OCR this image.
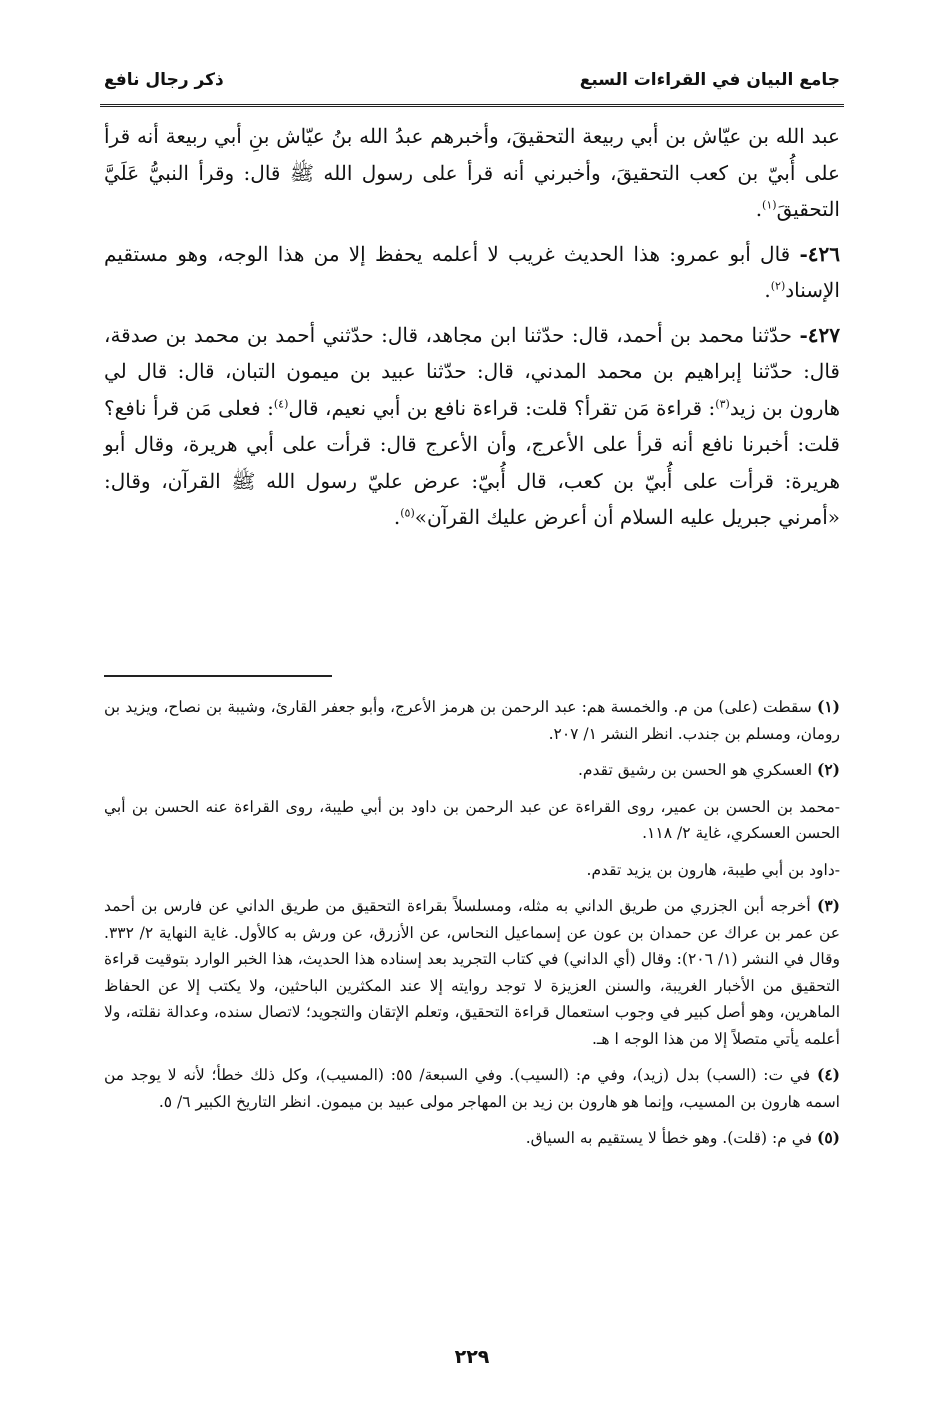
جامع البيان في القراءات السبع
ذكر رجال نافع

عبد الله بن عيّاش بن أبي ربيعة التحقيقَ، وأخبرهم عبدُ الله بنُ عيّاش بنِ أبي ربيعة أنه قرأ على أُبيّ بن كعب التحقيقَ، وأخبرني أنه قرأ على رسول الله ﷺ قال: وقرأ النبيُّ عَلَيَّ التحقيقَ$^{(١)}$.

٤٢٦- قال أبو عمرو: هذا الحديث غريب لا أعلمه يحفظ إلا من هذا الوجه، وهو مستقيم الإسناد$^{(٢)}$.

٤٢٧- حدّثنا محمد بن أحمد، قال: حدّثنا ابن مجاهد، قال: حدّثني أحمد بن محمد بن صدقة، قال: حدّثنا إبراهيم بن محمد المدني، قال: حدّثنا عبيد بن ميمون التبان، قال: قال لي هارون بن زيد$^{(٣)}$: قراءة مَن تقرأ؟ قلت: قراءة نافع بن أبي نعيم، قال$^{(٤)}$: فعلى مَن قرأ نافع؟ قلت: أخبرنا نافع أنه قرأ على الأعرج، وأن الأعرج قال: قرأت على أبي هريرة، وقال أبو هريرة: قرأت على أُبيّ بن كعب، قال أُبيّ: عرض عليّ رسول الله ﷺ القرآن، وقال: «أمرني جبريل عليه السلام أن أعرض عليك القرآن»$^{(٥)}$.

(١) سقطت (على) من م. والخمسة هم: عبد الرحمن بن هرمز الأعرج، وأبو جعفر القارئ، وشيبة بن نصاح، ويزيد بن رومان، ومسلم بن جندب. انظر النشر ١/ ٢٠٧.

(٢) العسكري هو الحسن بن رشيق تقدم.

-محمد بن الحسن بن عمير، روى القراءة عن عبد الرحمن بن داود بن أبي طيبة، روى القراءة عنه الحسن بن أبي الحسن العسكري، غاية ٢/ ١١٨.

-داود بن أبي طيبة، هارون بن يزيد تقدم.

(٣) أخرجه أبن الجزري من طريق الداني به مثله، ومسلسلاً بقراءة التحقيق من طريق الداني عن فارس بن أحمد عن عمر بن عراك عن حمدان بن عون عن إسماعيل النحاس، عن الأزرق، عن ورش به كالأول. غاية النهاية ٢/ ٣٣٢. وقال في النشر (١/ ٢٠٦): وقال (أي الداني) في كتاب التجريد بعد إسناده هذا الحديث، هذا الخبر الوارد بتوقيت قراءة التحقيق من الأخبار الغريبة، والسنن العزيزة لا توجد روايته إلا عند المكثرين الباحثين، ولا يكتب إلا عن الحفاظ الماهرين، وهو أصل كبير في وجوب استعمال قراءة التحقيق، وتعلم الإتقان والتجويد؛ لاتصال سنده، وعدالة نقلته، ولا أعلمه يأتي متصلاً إلا من هذا الوجه ا هـ.

(٤) في ت: (السب) بدل (زيد)، وفي م: (السيب). وفي السبعة/ ٥٥: (المسيب)، وكل ذلك خطأ؛ لأنه لا يوجد من اسمه هارون بن المسيب، وإنما هو هارون بن زيد بن المهاجر مولى عبيد بن ميمون. انظر التاريخ الكبير ٦/ ٥.

(٥) في م: (قلت). وهو خطأ لا يستقيم به السياق.

٢٢٩
